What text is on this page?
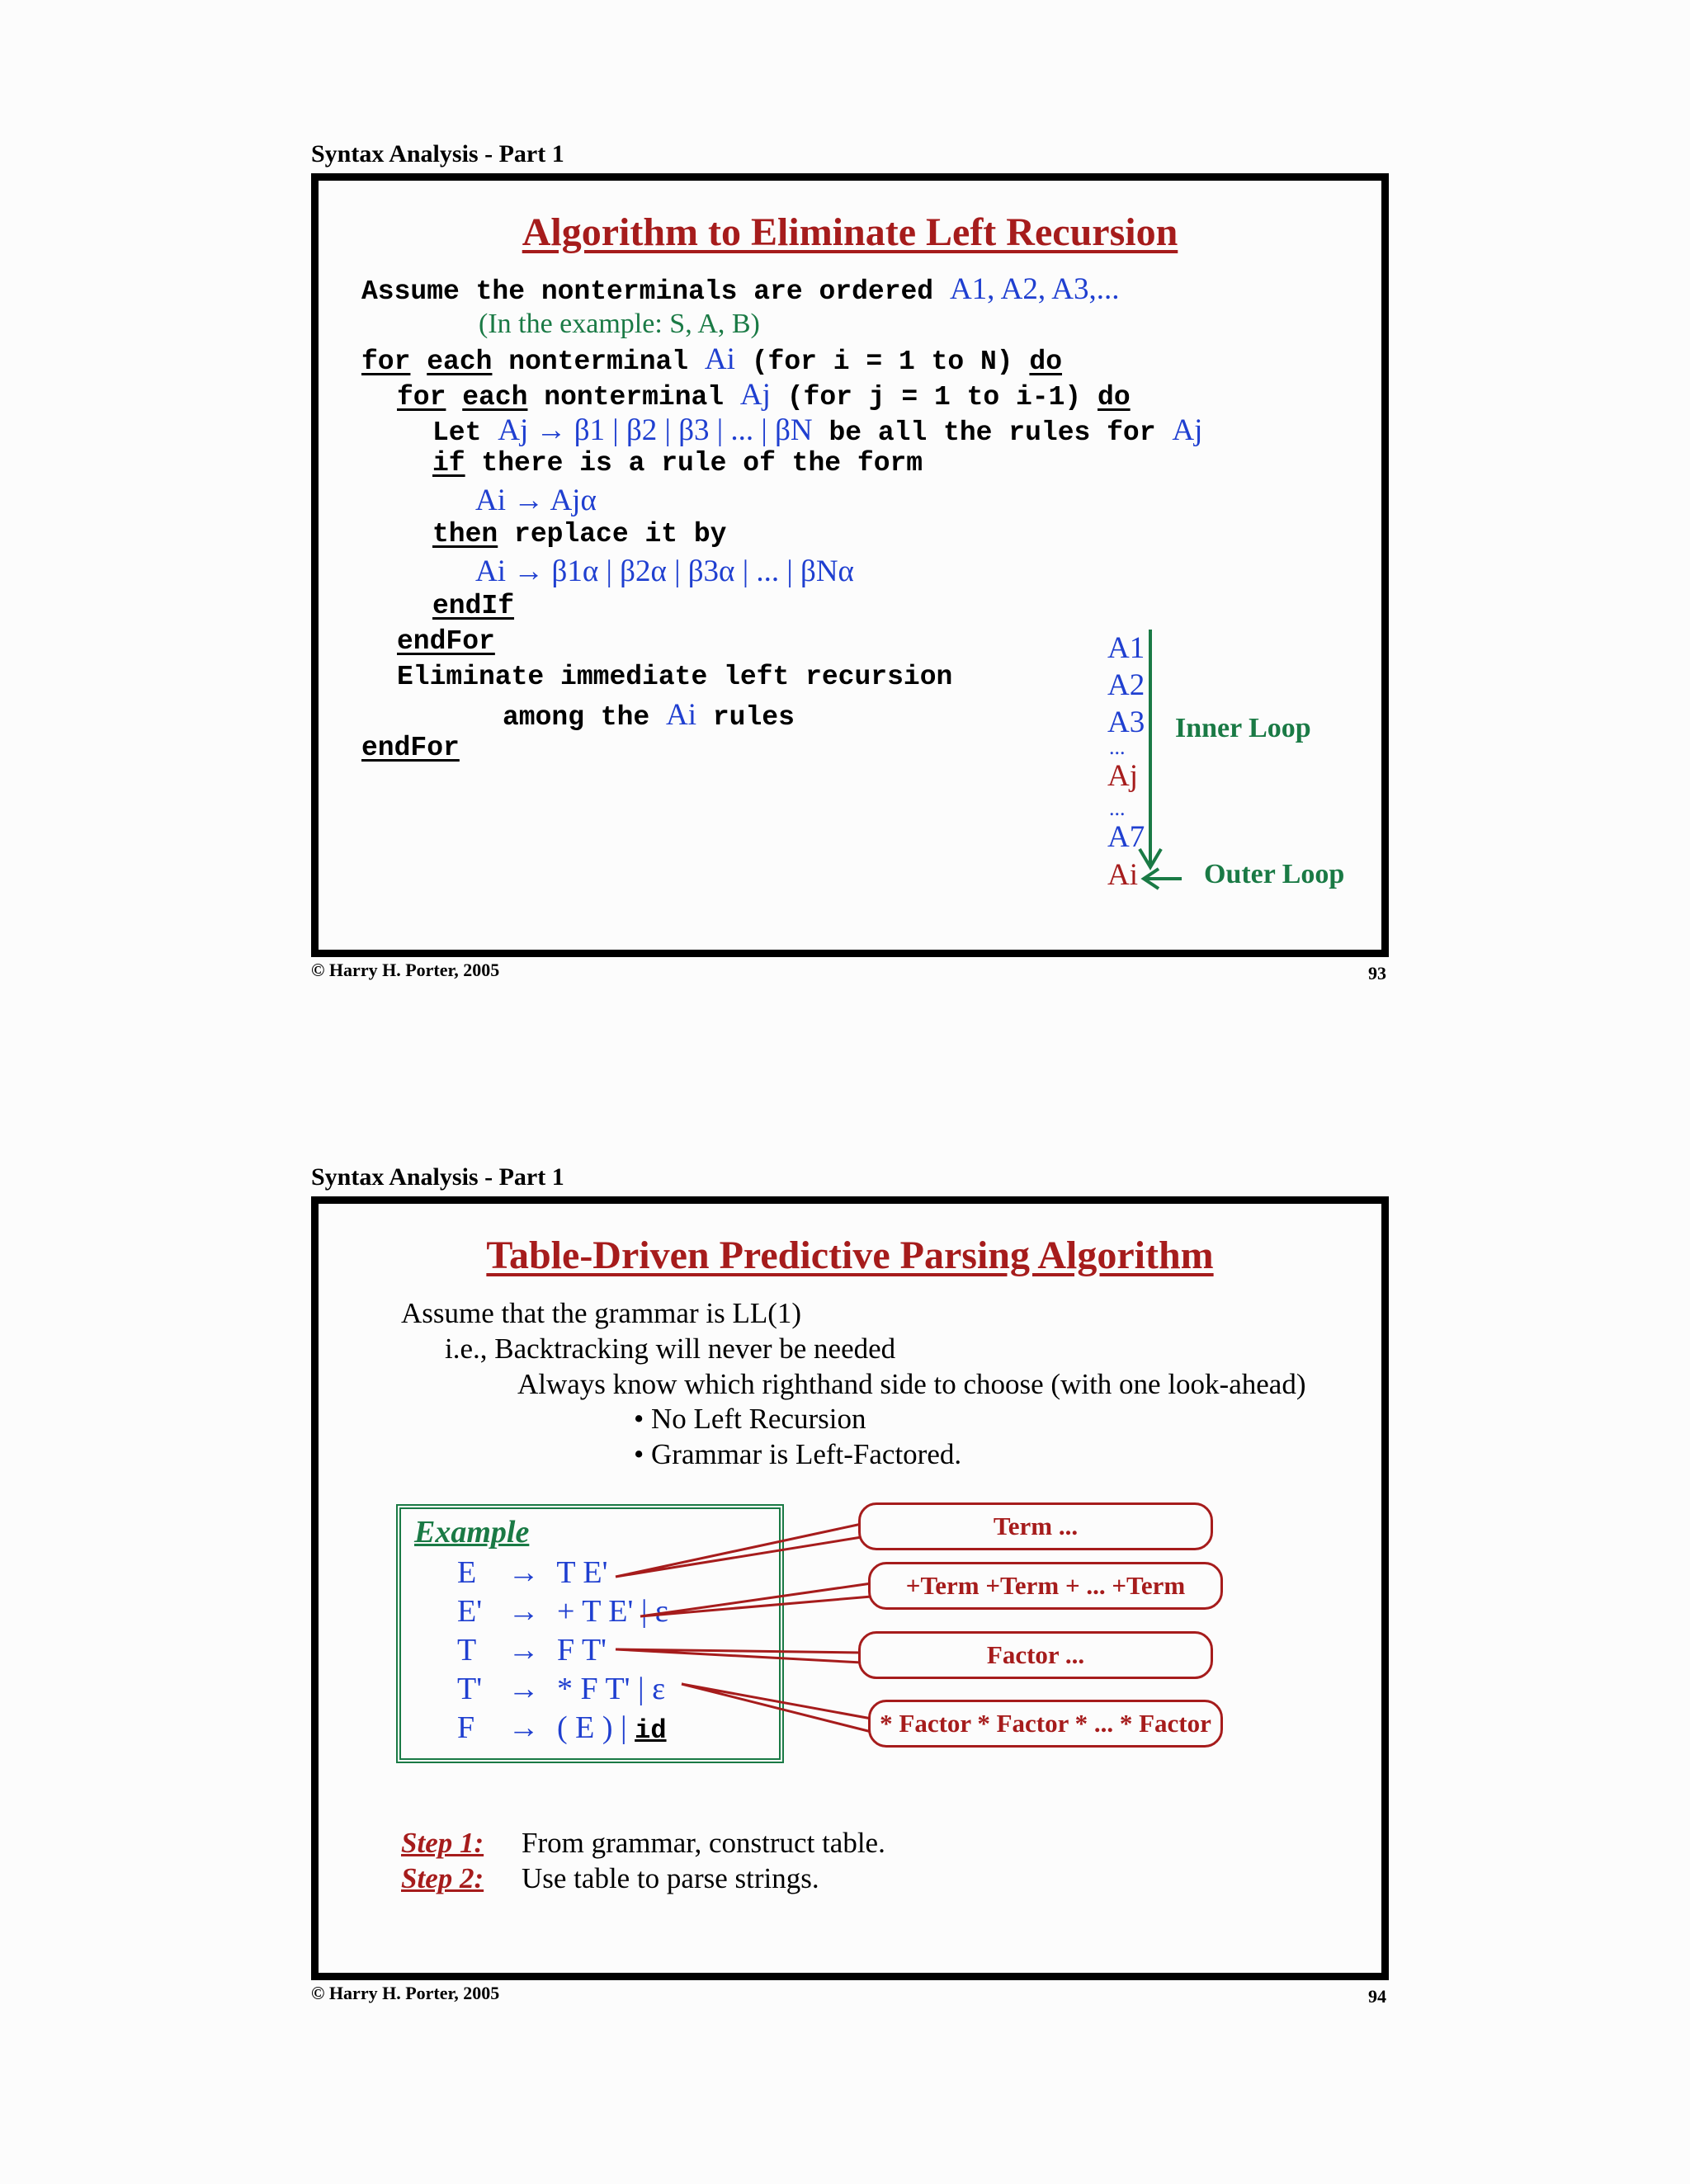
Syntax Analysis - Part 1
Algorithm to Eliminate Left Recursion
Assume the nonterminals are ordered A1, A2, A3,...
(In the example: S, A, B)
for each nonterminal Ai (for i = 1 to N) do
for each nonterminal Aj (for j = 1 to i-1) do
Let Aj → β1 | β2 | β3 | ... | βN be all the rules for Aj
if there is a rule of the form
Ai → Ajα
then replace it by
Ai → β1α | β2α | β3α | ... | βNα
endIf
endFor
Eliminate immediate left recursion
among the Ai rules
endFor
A1
A2
A3
...
Aj
...
A7
Ai
Inner Loop
Outer Loop
© Harry H. Porter, 2005	93
Syntax Analysis - Part 1
Table-Driven Predictive Parsing Algorithm
Assume that the grammar is LL(1)
i.e., Backtracking will never be needed
Always know which righthand side to choose (with one look-ahead)
• No Left Recursion
• Grammar is Left-Factored.
Example
E → T E'
E' → + T E' | ε
T → F T'
T' → * F T' | ε
F → ( E ) | id
Term ...
+Term +Term + ... +Term
Factor ...
* Factor * Factor * ... * Factor
Step 1: From grammar, construct table.
Step 2: Use table to parse strings.
© Harry H. Porter, 2005	94
